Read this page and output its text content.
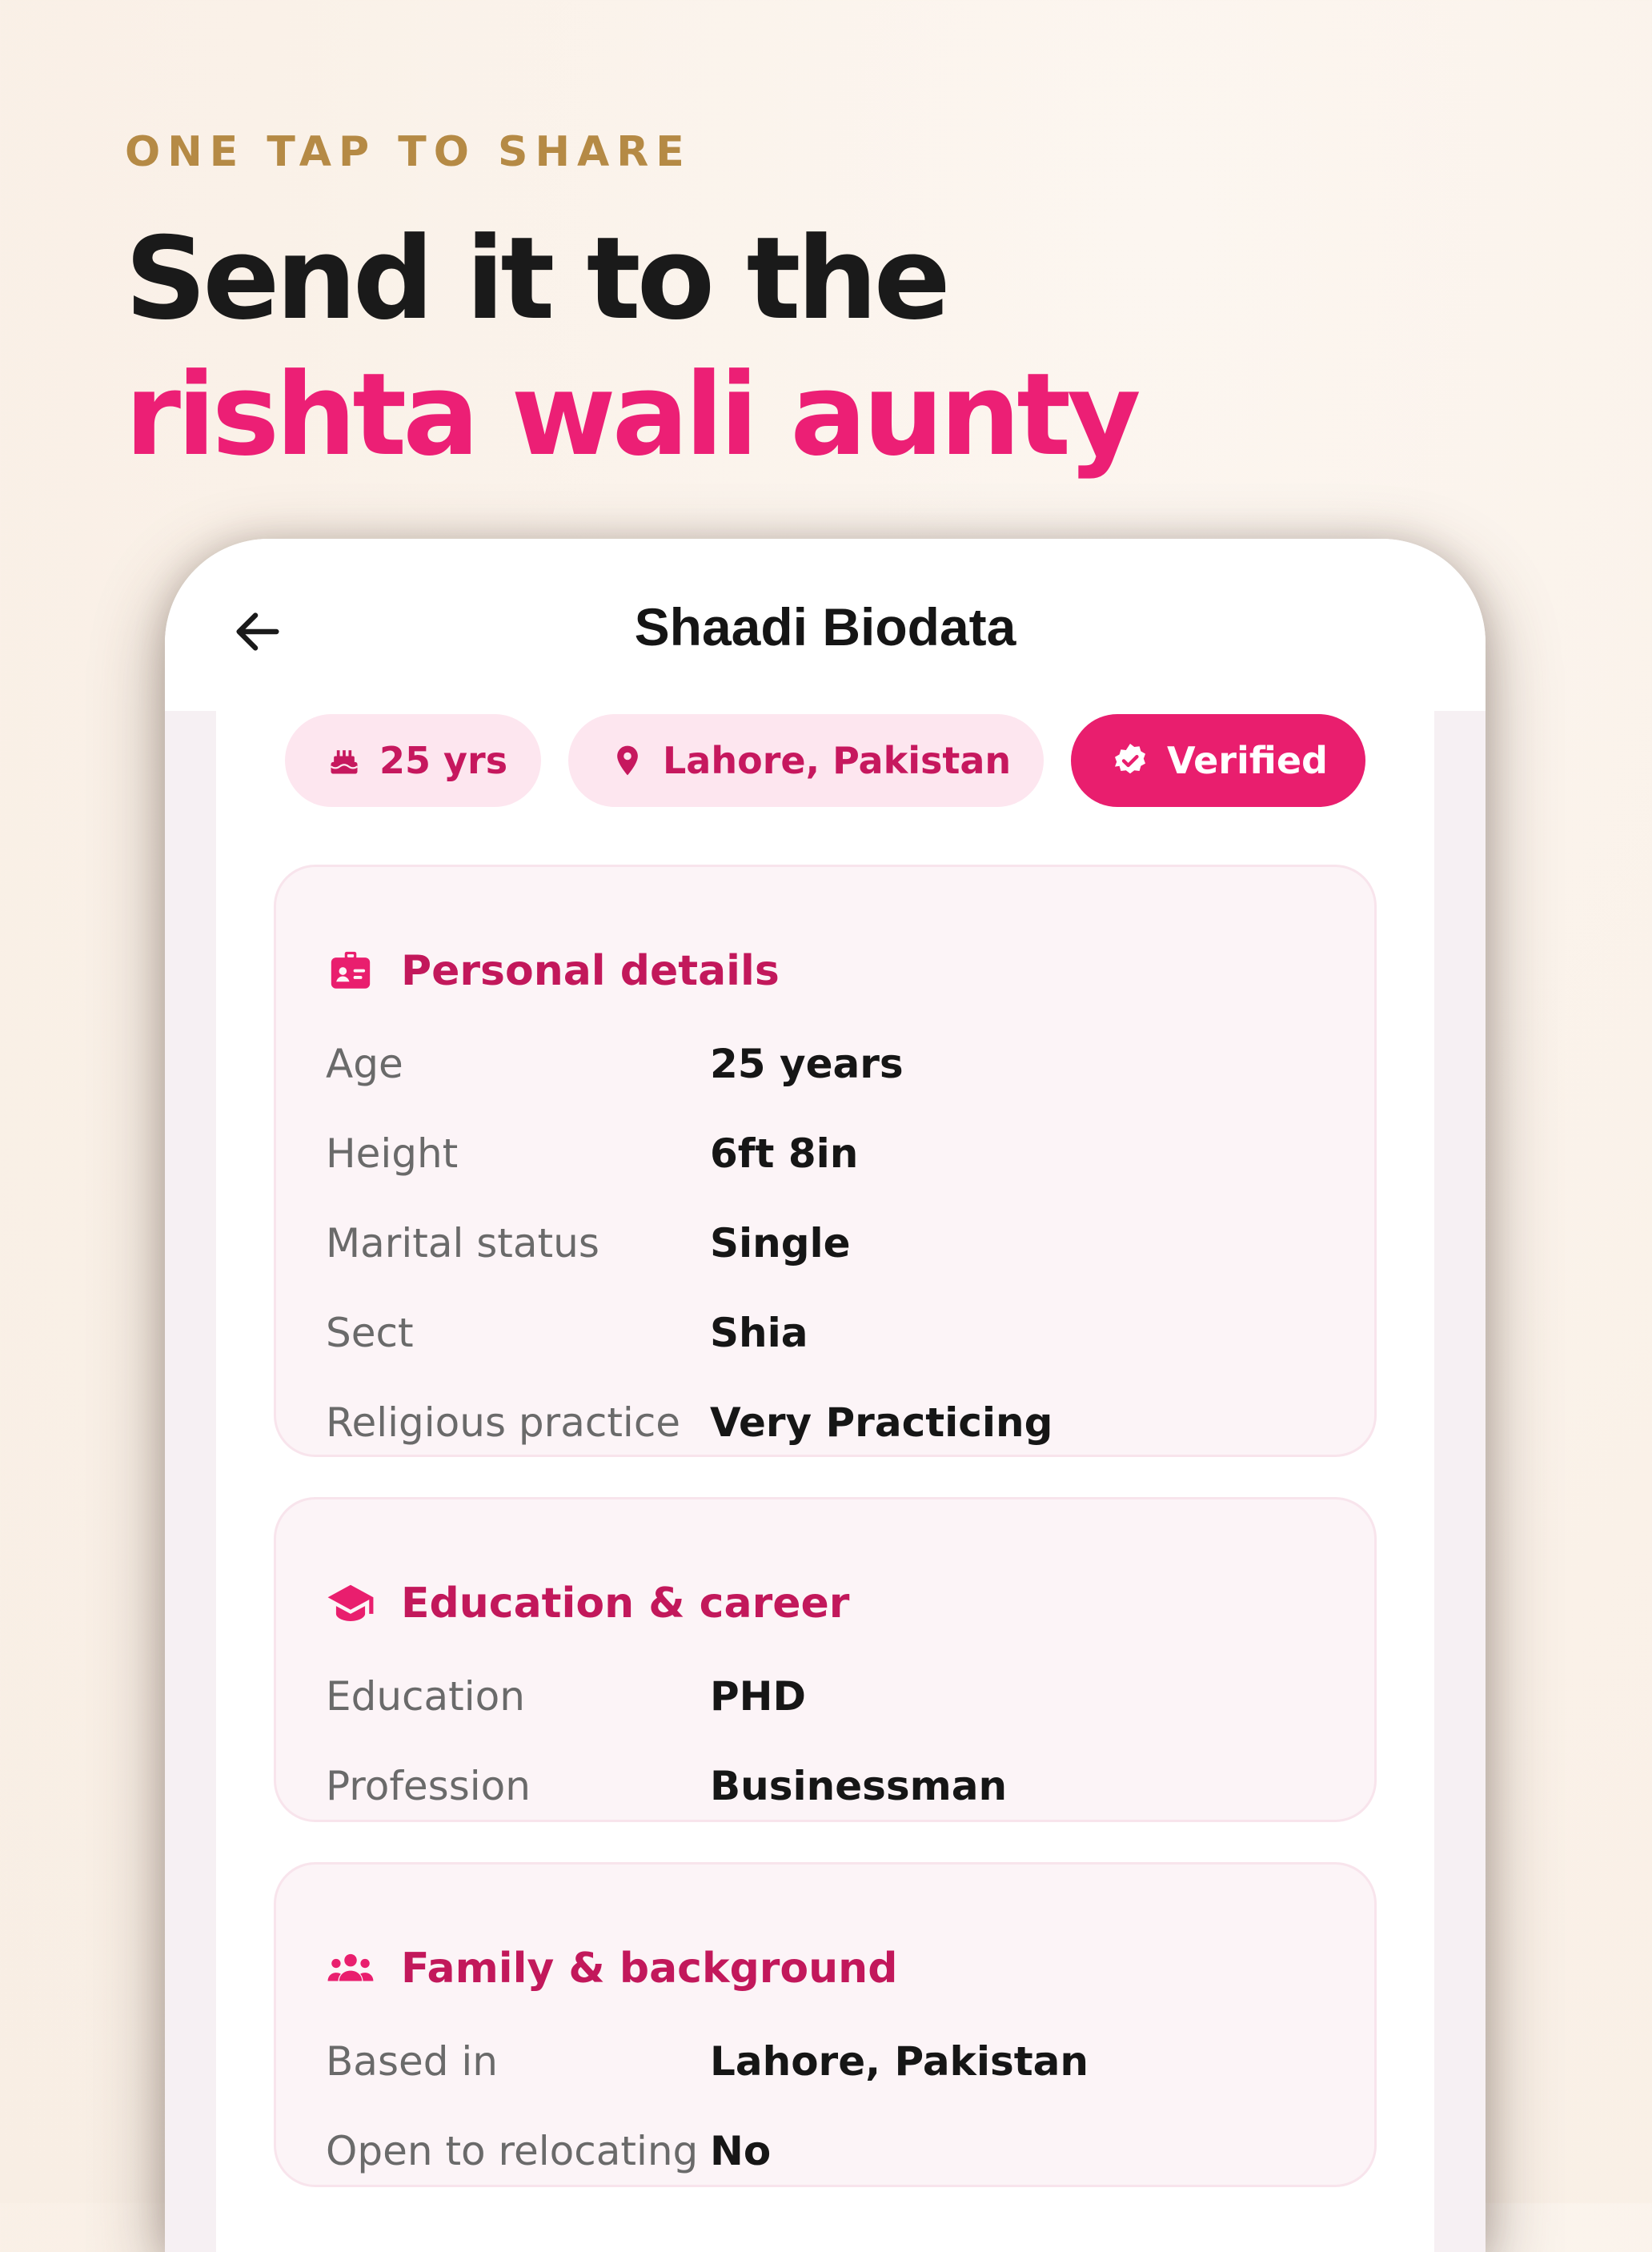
ONE TAP TO SHARE
Send it to the
rishta wali aunty
Shaadi Biodata
25 yrs	Lahore, Pakistan	Verified
Personal details
Age	25 years
Height	6ft 8in
Marital status	Single
Sect	Shia
Religious practice Very Practicing
Education & career
Education	PHD
Profession	Businessman
Family & background
Based in	Lahore, Pakistan
Open to relocating No
